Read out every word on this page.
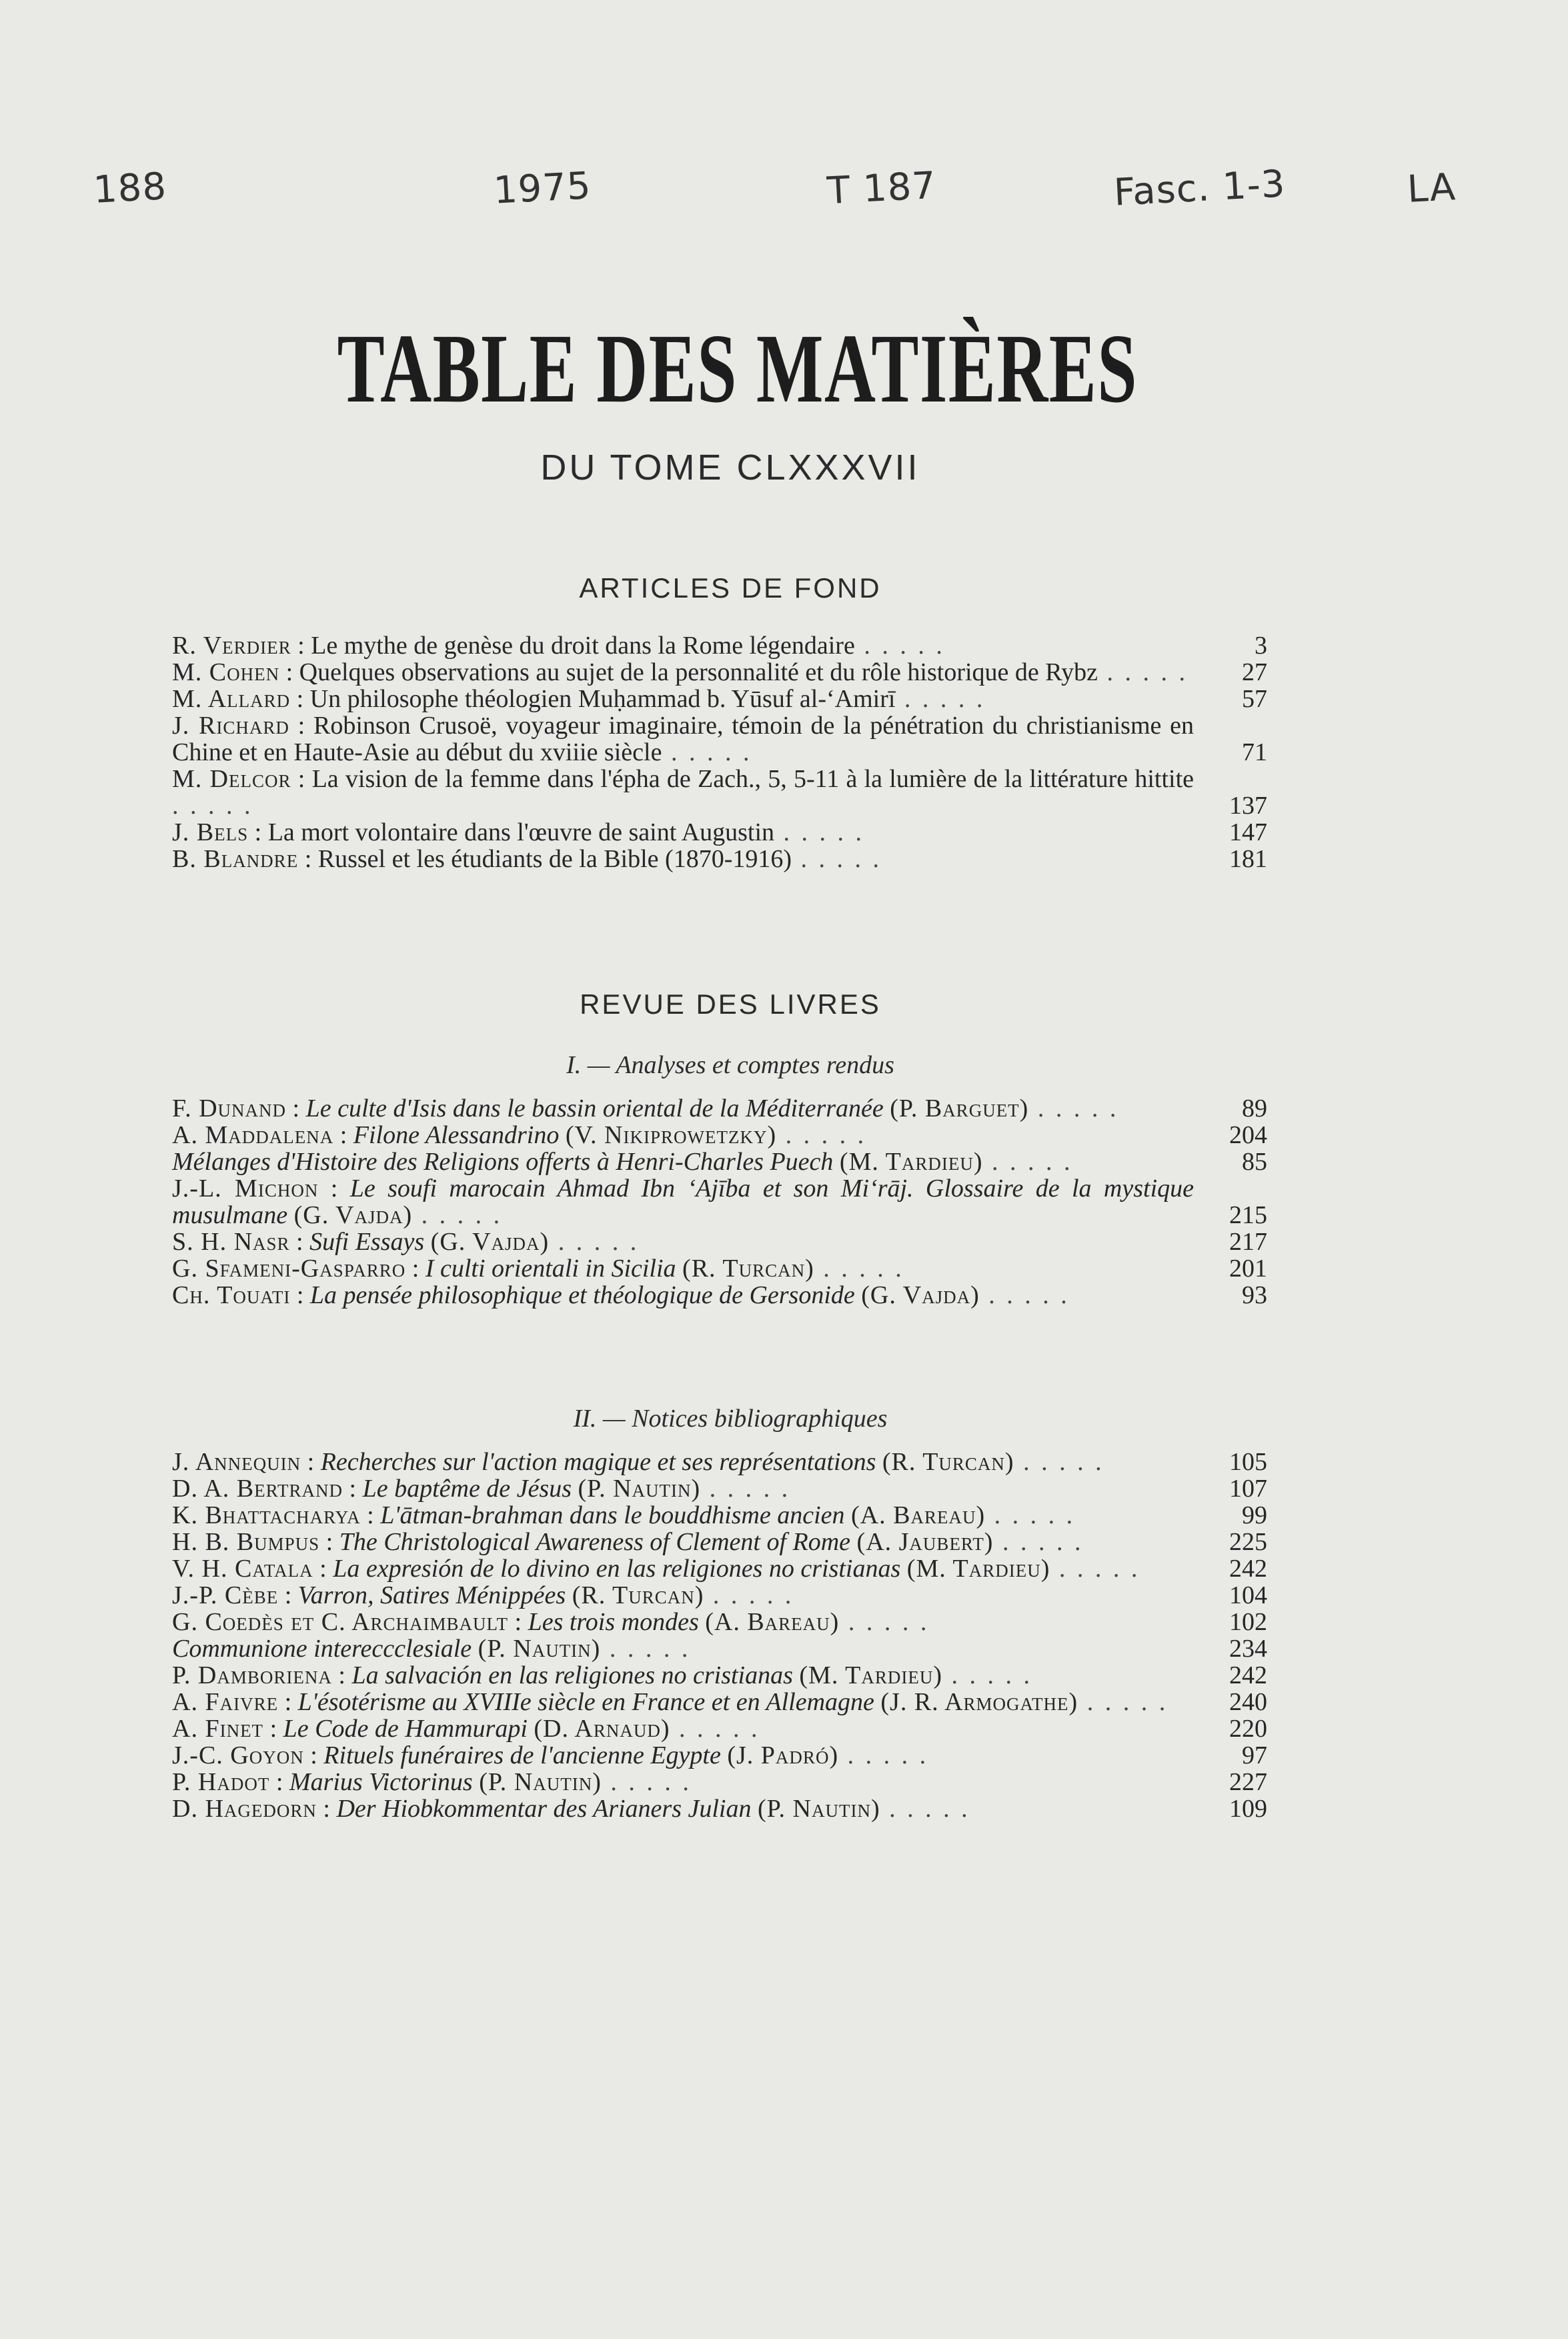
188	1975	T 187	Fasc. 1-3	LA
TABLE DES MATIÈRES
DU TOME CLXXXVII
ARTICLES DE FOND
R. Verdier : Le mythe de genèse du droit dans la Rome légendaire . . . . .	3
M. Cohen : Quelques observations au sujet de la personnalité et du rôle historique de Rybz . . . . .	27
M. Allard : Un philosophe théologien Muḥammad b. Yūsuf al-‘Amirī . . . . .	57
J. Richard : Robinson Crusoë, voyageur imaginaire, témoin de la pénétration du christianisme en Chine et en Haute-Asie au début du xviiie siècle . . . . .	71
M. Delcor : La vision de la femme dans l'épha de Zach., 5, 5-11 à la lumière de la littérature hittite . . . . .	137
J. Bels : La mort volontaire dans l'œuvre de saint Augustin . . . . .	147
B. Blandre : Russel et les étudiants de la Bible (1870-1916) . . . . .	181
REVUE DES LIVRES
I. — Analyses et comptes rendus
F. Dunand : Le culte d'Isis dans le bassin oriental de la Méditerranée (P. Barguet) . . . . .	89
A. Maddalena : Filone Alessandrino (V. Nikiprowetzky) . . . . .	204
Mélanges d'Histoire des Religions offerts à Henri-Charles Puech (M. Tardieu) . . . . .	85
J.-L. Michon : Le soufi marocain Ahmad Ibn ‘Ajība et son Mi‘rāj. Glossaire de la mystique musulmane (G. Vajda) . . . . .	215
S. H. Nasr : Sufi Essays (G. Vajda) . . . . .	217
G. Sfameni-Gasparro : I culti orientali in Sicilia (R. Turcan) . . . . .	201
Ch. Touati : La pensée philosophique et théologique de Gersonide (G. Vajda) . . . . .	93
II. — Notices bibliographiques
J. Annequin : Recherches sur l'action magique et ses représentations (R. Turcan) . . . . .	105
D. A. Bertrand : Le baptême de Jésus (P. Nautin) . . . . .	107
K. Bhattacharya : L'ātman-brahman dans le bouddhisme ancien (A. Bareau) . . . . .	99
H. B. Bumpus : The Christological Awareness of Clement of Rome (A. Jaubert) . . . . .	225
V. H. Catala : La expresión de lo divino en las religiones no cristianas (M. Tardieu) . . . . .	242
J.-P. Cèbe : Varron, Satires Ménippées (R. Turcan) . . . . .	104
G. Coedès et C. Archaimbault : Les trois mondes (A. Bareau) . . . . .	102
Communione intereccclesiale (P. Nautin) . . . . .	234
P. Damboriena : La salvación en las religiones no cristianas (M. Tardieu) . . . . .	242
A. Faivre : L'ésotérisme au XVIIIe siècle en France et en Allemagne (J. R. Armogathe) . . . . .	240
A. Finet : Le Code de Hammurapi (D. Arnaud) . . . . .	220
J.-C. Goyon : Rituels funéraires de l'ancienne Egypte (J. Padró) . . . . .	97
P. Hadot : Marius Victorinus (P. Nautin) . . . . .	227
D. Hagedorn : Der Hiobkommentar des Arianers Julian (P. Nautin) . . . . .	109
